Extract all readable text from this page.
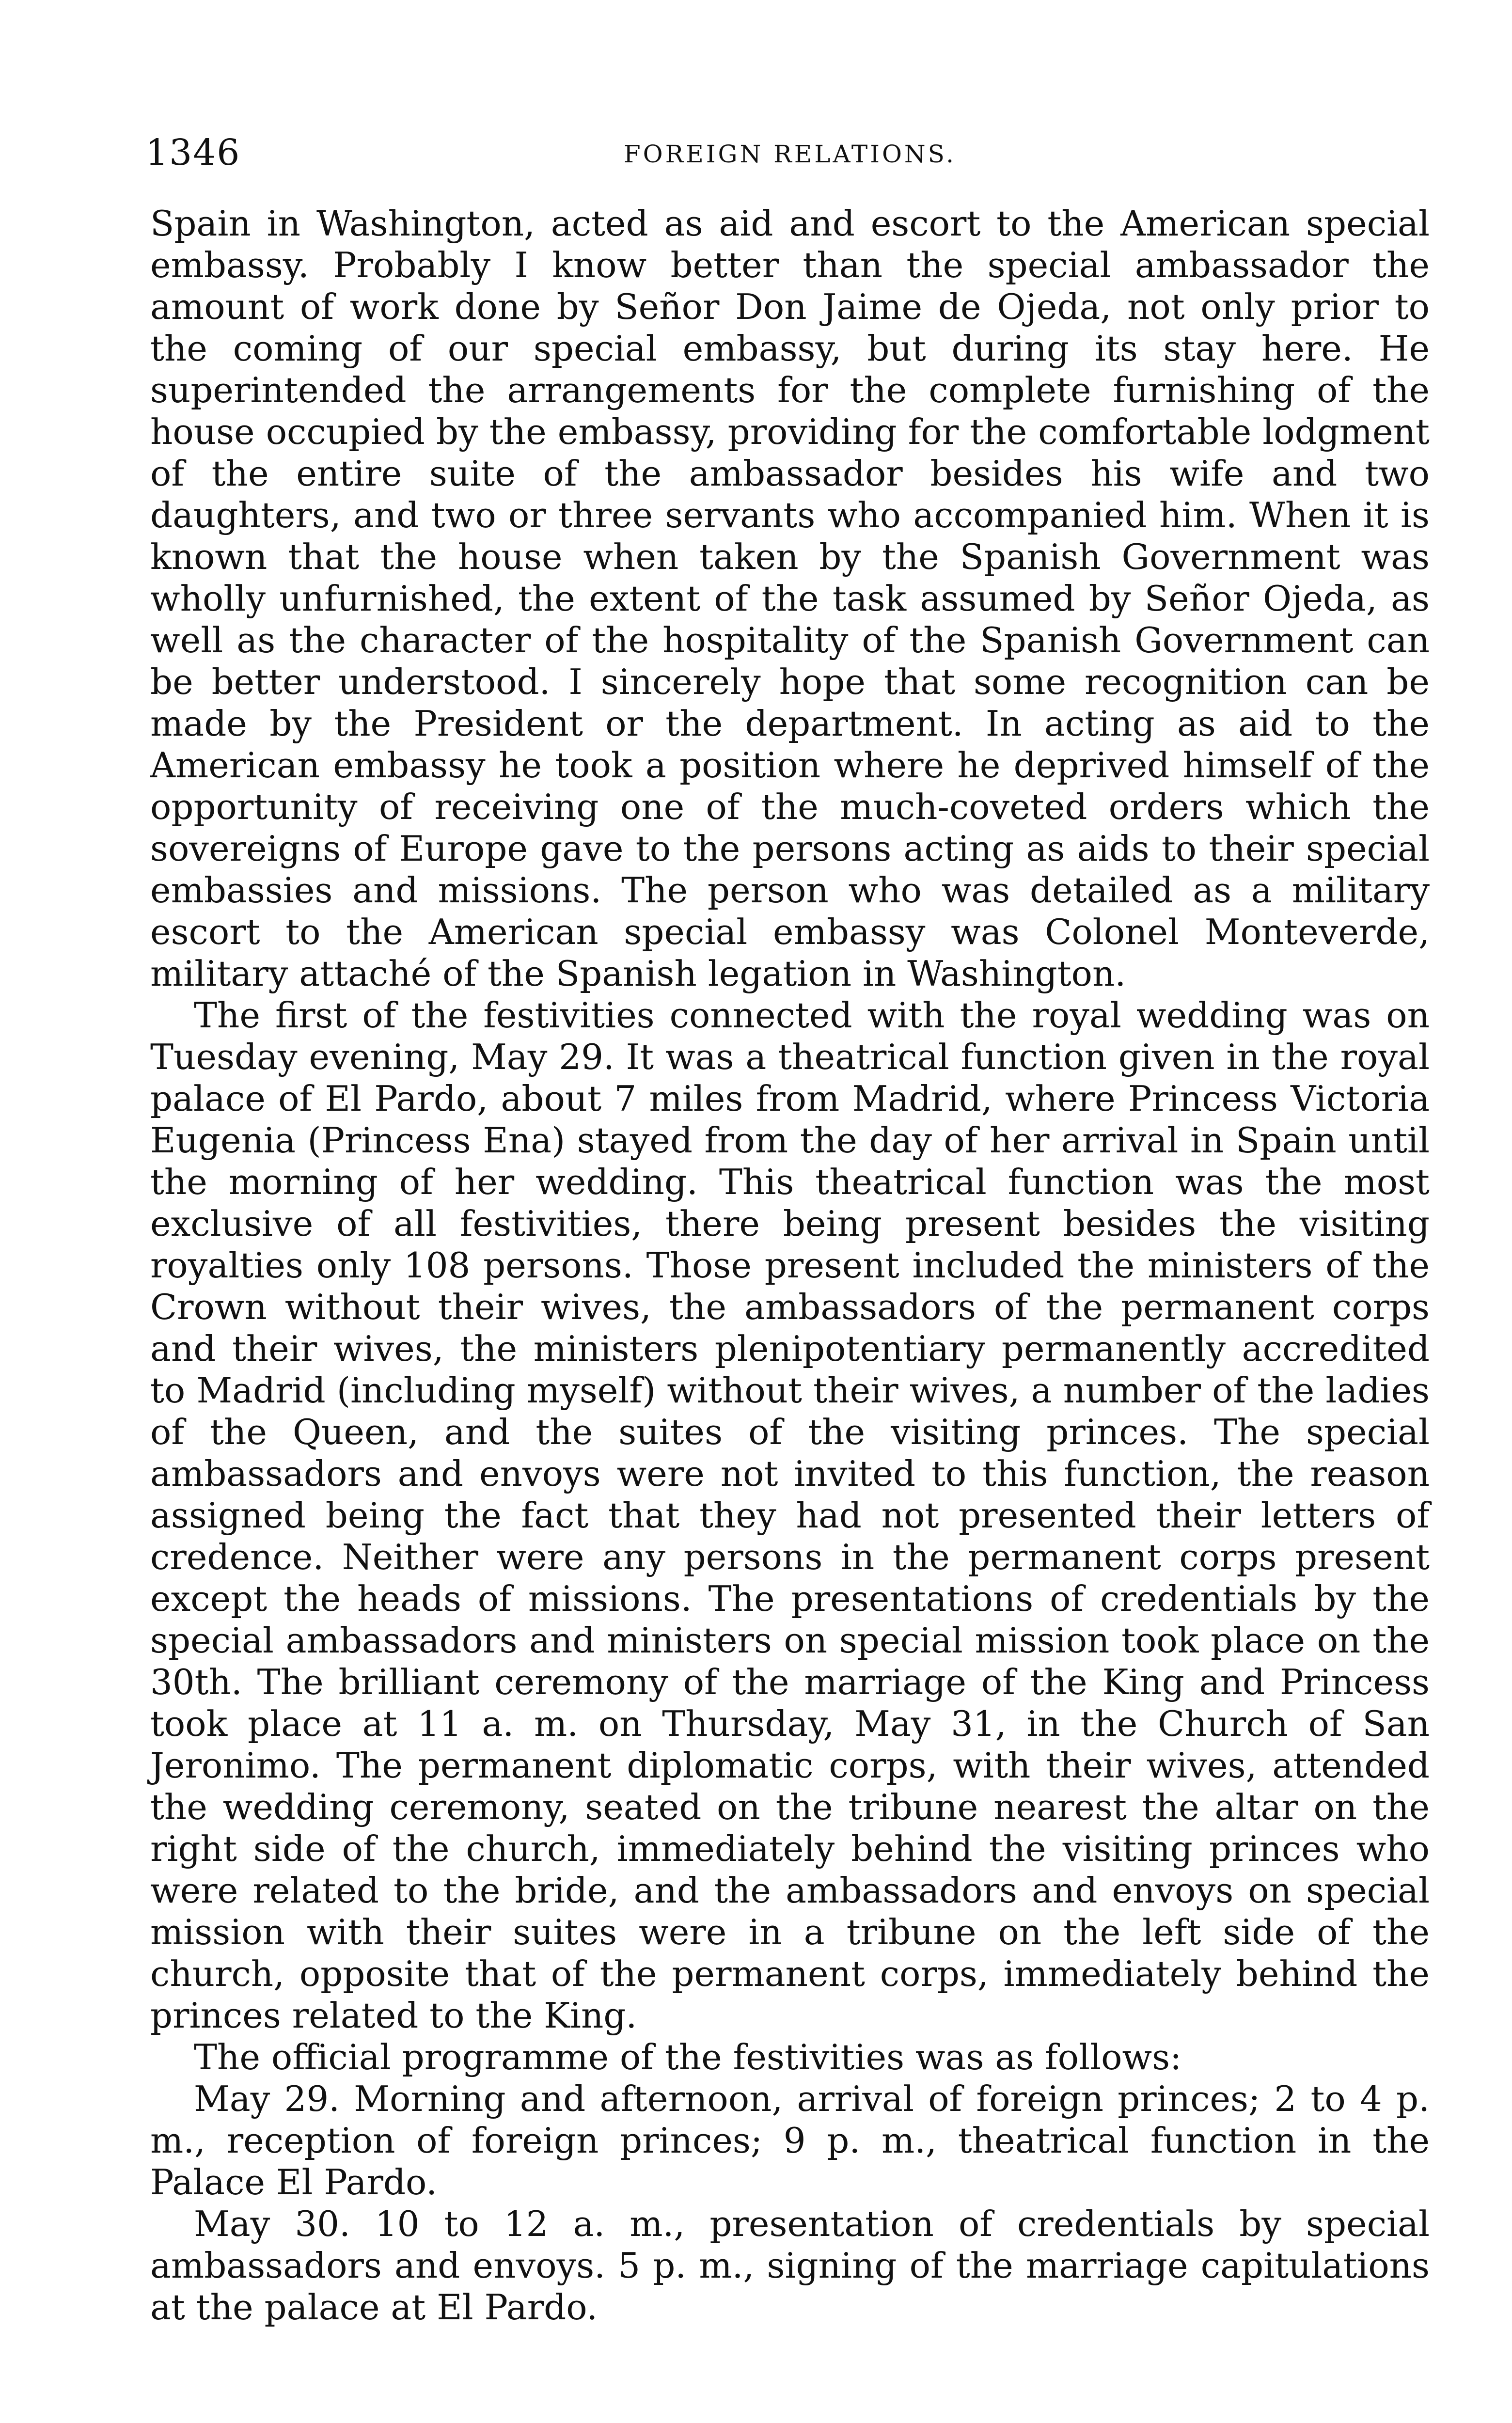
1346	FOREIGN RELATIONS.

Spain in Washington, acted as aid and escort to the American special embassy. Probably I know better than the special ambassador the amount of work done by Señor Don Jaime de Ojeda, not only prior to the coming of our special embassy, but during its stay here. He superintended the arrangements for the complete furnishing of the house occupied by the embassy, providing for the comfortable lodgment of the entire suite of the ambassador besides his wife and two daughters, and two or three servants who accompanied him. When it is known that the house when taken by the Spanish Government was wholly unfurnished, the extent of the task assumed by Señor Ojeda, as well as the character of the hospitality of the Spanish Government can be better understood. I sincerely hope that some recognition can be made by the President or the department. In acting as aid to the American embassy he took a position where he deprived himself of the opportunity of receiving one of the much-coveted orders which the sovereigns of Europe gave to the persons acting as aids to their special embassies and missions. The person who was detailed as a military escort to the American special embassy was Colonel Monteverde, military attaché of the Spanish legation in Washington.

The first of the festivities connected with the royal wedding was on Tuesday evening, May 29. It was a theatrical function given in the royal palace of El Pardo, about 7 miles from Madrid, where Princess Victoria Eugenia (Princess Ena) stayed from the day of her arrival in Spain until the morning of her wedding. This theatrical function was the most exclusive of all festivities, there being present besides the visiting royalties only 108 persons. Those present included the ministers of the Crown without their wives, the ambassadors of the permanent corps and their wives, the ministers plenipotentiary permanently accredited to Madrid (including myself) without their wives, a number of the ladies of the Queen, and the suites of the visiting princes. The special ambassadors and envoys were not invited to this function, the reason assigned being the fact that they had not presented their letters of credence. Neither were any persons in the permanent corps present except the heads of missions. The presentations of credentials by the special ambassadors and ministers on special mission took place on the 30th. The brilliant ceremony of the marriage of the King and Princess took place at 11 a. m. on Thursday, May 31, in the Church of San Jeronimo. The permanent diplomatic corps, with their wives, attended the wedding ceremony, seated on the tribune nearest the altar on the right side of the church, immediately behind the visiting princes who were related to the bride, and the ambassadors and envoys on special mission with their suites were in a tribune on the left side of the church, opposite that of the permanent corps, immediately behind the princes related to the King.

The official programme of the festivities was as follows:

May 29. Morning and afternoon, arrival of foreign princes; 2 to 4 p. m., reception of foreign princes; 9 p. m., theatrical function in the Palace El Pardo.

May 30. 10 to 12 a. m., presentation of credentials by special ambassadors and envoys. 5 p. m., signing of the marriage capitulations at the palace at El Pardo.
